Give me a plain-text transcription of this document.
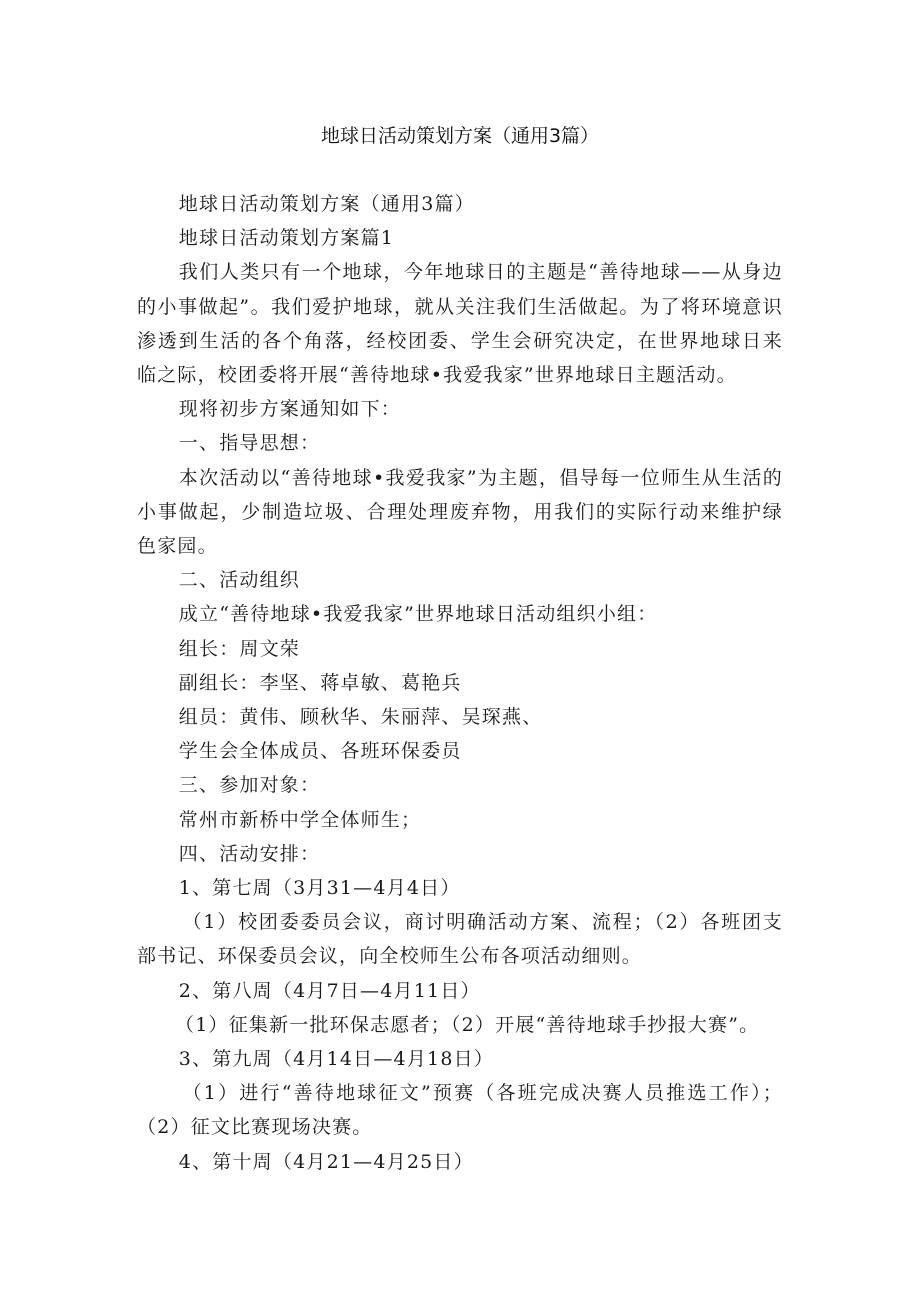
地球日活动策划方案（通用3篇）

地球日活动策划方案（通用3篇）

地球日活动策划方案篇1

我们人类只有一个地球，今年地球日的主题是“善待地球——从身边的小事做起”。我们爱护地球，就从关注我们生活做起。为了将环境意识渗透到生活的各个角落，经校团委、学生会研究决定，在世界地球日来临之际，校团委将开展“善待地球•我爱我家”世界地球日主题活动。

现将初步方案通知如下：

一、指导思想：

本次活动以“善待地球•我爱我家”为主题，倡导每一位师生从生活的小事做起，少制造垃圾、合理处理废弃物，用我们的实际行动来维护绿色家园。

二、活动组织

成立“善待地球•我爱我家”世界地球日活动组织小组：

组长：周文荣

副组长：李坚、蒋卓敏、葛艳兵

组员：黄伟、顾秋华、朱丽萍、吴琛燕、

学生会全体成员、各班环保委员

三、参加对象：

常州市新桥中学全体师生；

四、活动安排：

1、第七周（3月31—4月4日）

（1）校团委委员会议，商讨明确活动方案、流程；（2）各班团支部书记、环保委员会议，向全校师生公布各项活动细则。

2、第八周（4月7日—4月11日）

（1）征集新一批环保志愿者；（2）开展“善待地球手抄报大赛”。

3、第九周（4月14日—4月18日）

（1）进行“善待地球征文”预赛（各班完成决赛人员推选工作）；（2）征文比赛现场决赛。

4、第十周（4月21—4月25日）
